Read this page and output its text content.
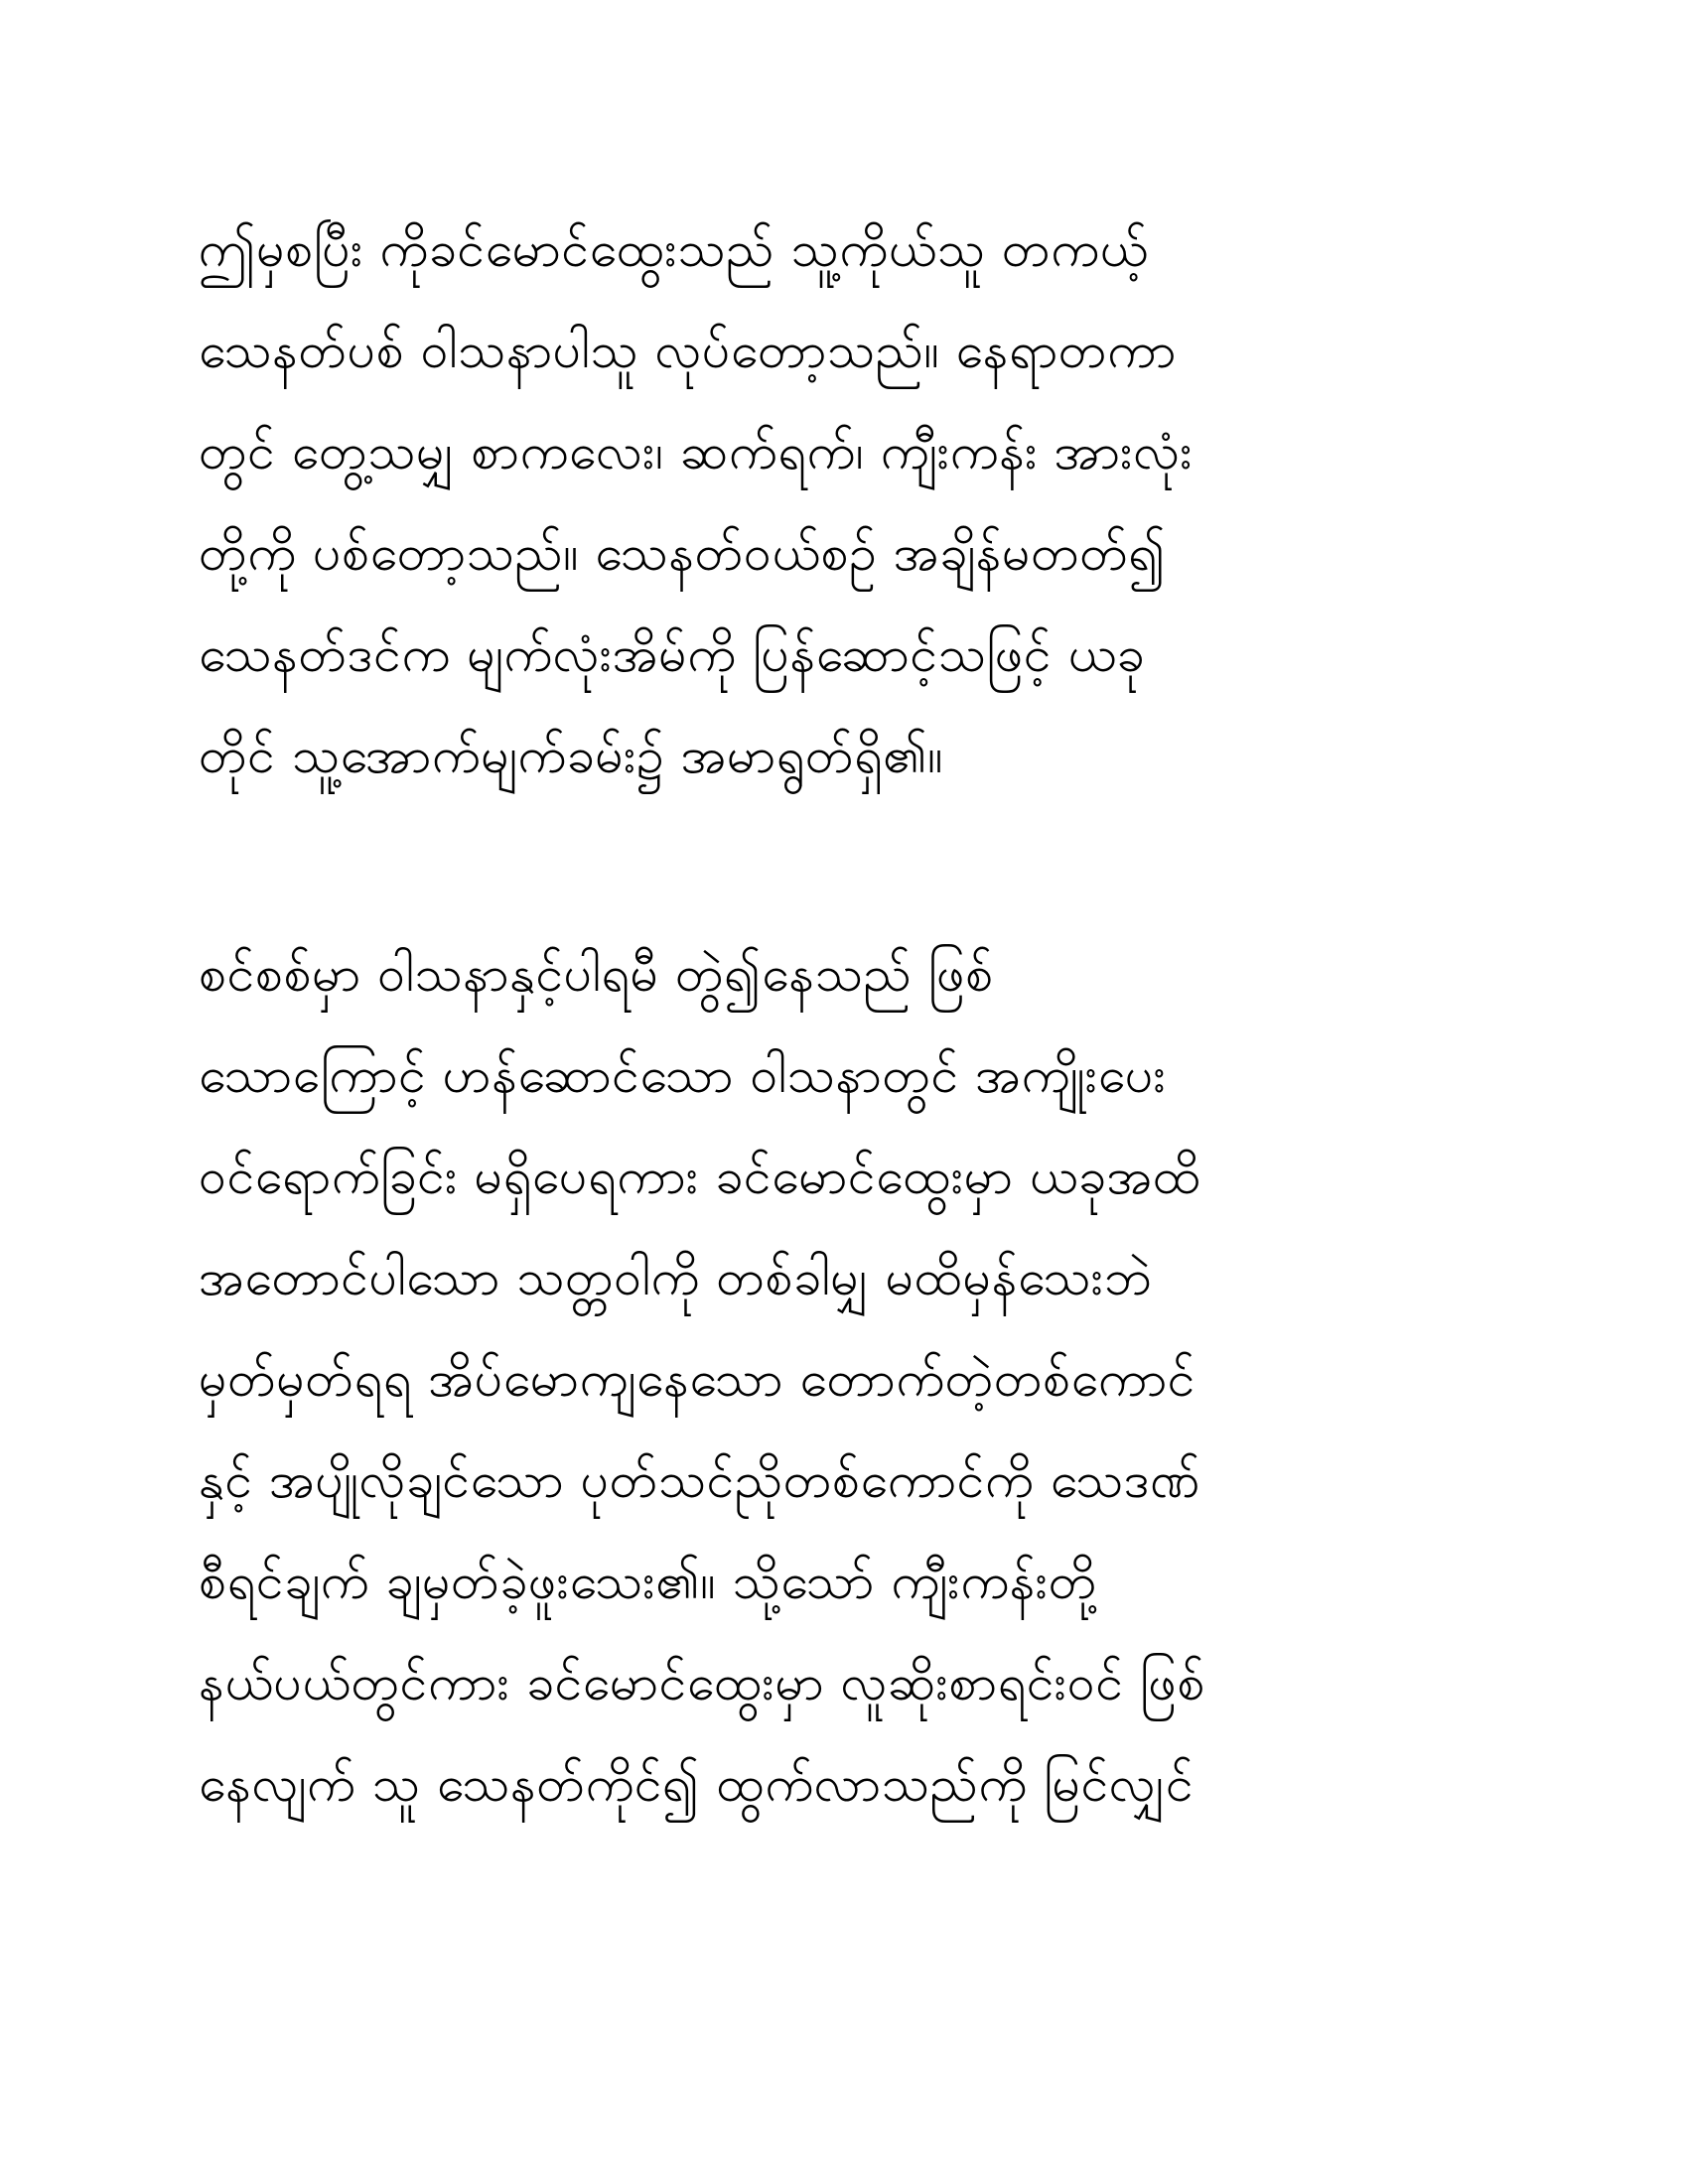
ဤမှစပြီး ကိုခင်မောင်ထွေးသည် သူ့ကိုယ်သူ တကယ့်
သေနတ်ပစ် ဝါသနာပါသူ လုပ်တော့သည်။ နေရာတကာ
တွင် တွေ့သမျှ စာကလေး၊ ဆက်ရက်၊ ကျီးကန်း အားလုံး
တို့ကို ပစ်တော့သည်။ သေနတ်ဝယ်စဉ် အချိန်မတတ်၍
သေနတ်ဒင်က မျက်လုံးအိမ်ကို ပြန်ဆောင့်သဖြင့် ယခု
တိုင် သူ့အောက်မျက်ခမ်း၌ အမာရွတ်ရှိ၏။
စင်စစ်မှာ ဝါသနာနှင့်ပါရမီ တွဲ၍နေသည် ဖြစ်
သောကြောင့် ဟန်ဆောင်သော ဝါသနာတွင် အကျိုးပေး
ဝင်ရောက်ခြင်း မရှိပေရကား ခင်မောင်ထွေးမှာ ယခုအထိ
အတောင်ပါသော သတ္တဝါကို တစ်ခါမျှ မထိမှန်သေးဘဲ
မှတ်မှတ်ရရ အိပ်မောကျနေသော တောက်တဲ့တစ်ကောင်
နှင့် အပျိုလိုချင်သော ပုတ်သင်ညိုတစ်ကောင်ကို သေဒဏ်
စီရင်ချက် ချမှတ်ခဲ့ဖူးသေး၏။ သို့သော် ကျီးကန်းတို့
နယ်ပယ်တွင်ကား ခင်မောင်ထွေးမှာ လူဆိုးစာရင်းဝင် ဖြစ်
နေလျက် သူ သေနတ်ကိုင်၍ ထွက်လာသည်ကို မြင်လျှင်
